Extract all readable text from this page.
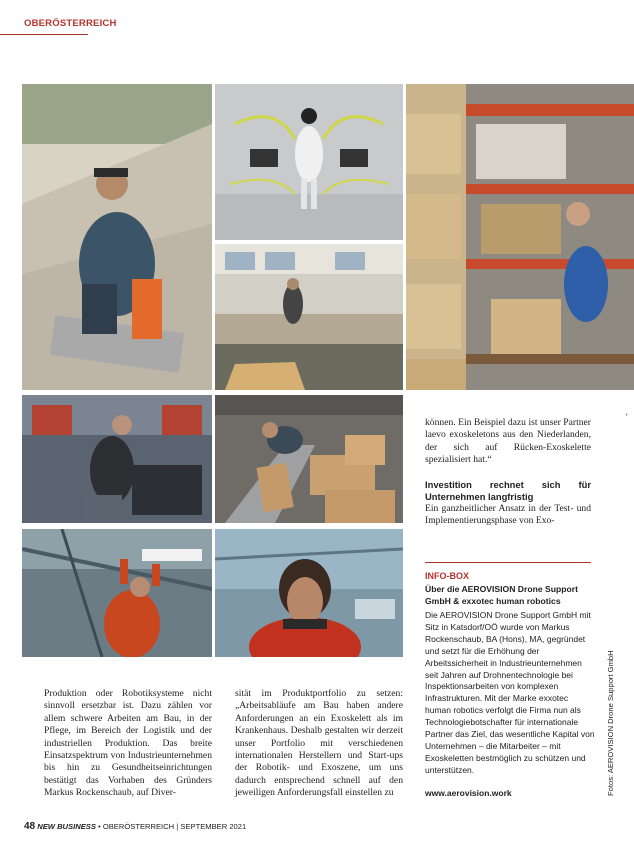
OBERÖSTERREICH

können. Ein Beispiel dazu ist unser Partner laevo exoskeletons aus den Niederlanden, der sich auf Rücken-Exoskelette spezialisiert hat.“

Investition rechnet sich für Unternehmen langfristig

Ein ganzheitlicher Ansatz in der Test- und Implementierungsphase von Exo-

'
INFO-BOX
Über die AEROVISION Drone Support GmbH & exxotec human robotics
Die AEROVISION Drone Support GmbH mit Sitz in Katsdorf/OÖ wurde von Markus Rockenschaub, BA (Hons), MA, gegründet und setzt für die Erhöhung der Arbeitssicherheit in Industrieunternehmen seit Jahren auf Drohnentechnologie bei Inspektionsarbeiten von komplexen Infrastrukturen. Mit der Marke exxotec human robotics verfolgt die Firma nun als Technologiebotschafter für internationale Partner das Ziel, das wesentliche Kapital von Unternehmen – die Mitarbeiter – mit Exoskeletten bestmöglich zu schützen und unterstützen.
www.aerovision.work

Produktion oder Robotiksysteme nicht sinnvoll ersetzbar ist. Dazu zählen vor allem schwere Arbeiten am Bau, in der Pflege, im Bereich der Logistik und der industriellen Produktion. Das breite Einsatzspektrum von Industrieunternehmen bis hin zu Gesundheitseinrichtungen bestätigt das Vorhaben des Gründers Markus Rockenschaub, auf Diver-

sität im Produktportfolio zu setzen: „Arbeitsabläufe am Bau haben andere Anforderungen an ein Exoskelett als im Krankenhaus. Deshalb gestalten wir derzeit unser Portfolio mit verschiedenen internationalen Herstellern und Start-ups der Robotik- und Exoszene, um uns dadurch entsprechend schnell auf den jeweiligen Anforderungsfall einstellen zu	Fotos: AEROVISION Drone Support GmbH
48 NEW BUSINESS • OBERÖSTERREICH | SEPTEMBER 2021
